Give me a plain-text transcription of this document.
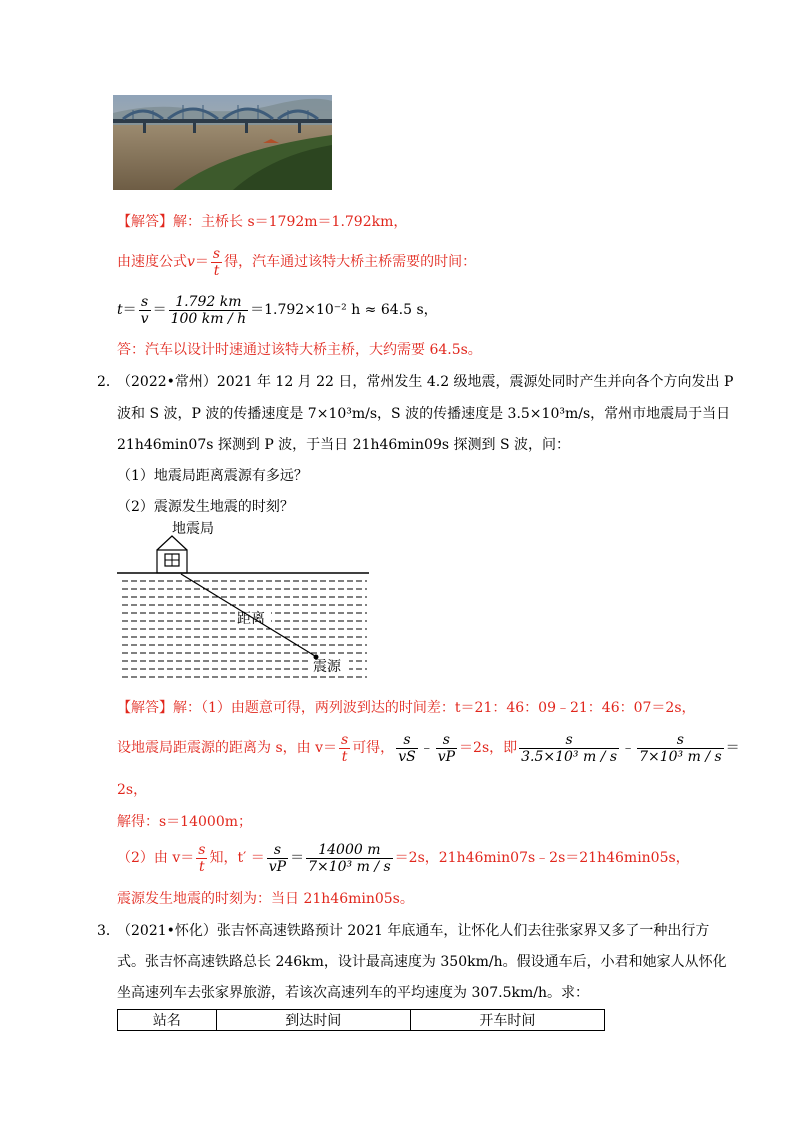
【解答】解：主桥长 s＝1792m＝1.792km，
由速度公式$v= \frac{s}{t}$ 得，汽车通过该特大桥主桥需要的时间：
$t= \frac{s}{v} = \frac{1.792 km}{100 km / h} =1.792\times 10^{-2}$ h ≈ 64.5 s，
答：汽车以设计时速通过该特大桥主桥，大约需要 64.5s。
2．
（2022•常州）2021 年 12 月 22 日，常州发生 4.2 级地震，震源处同时产生并向各个方向发出 P
波和 S 波，P 波的传播速度是 7×10³m/s，S 波的传播速度是 3.5×10³m/s，常州市地震局于当日
21h46min07s 探测到 P 波，于当日 21h46min09s 探测到 S 波，问：
（1）地震局距离震源有多远？
（2）震源发生地震的时刻？
地震局
距离
震源
【解答】解：（1）由题意可得，两列波到达的时间差：t＝21：46：09﹣21：46：07＝2s，
设地震局距震源的距离为 s，由 $v= \frac{s}{t}$ 可得， $\frac{s}{vS}$ ﹣ $\frac{s}{vP} =2s$，即 $\frac{s}{\text{3.5×10³ m / s}}$ ﹣ $\frac{s}{\text{7×10³ m / s}}$ ＝
2s，
解得：s＝14000m；
（2）由 $v= \frac{s}{t}$ 知，$t' = \frac{s}{vP} = \frac{14000 m}{\text{7×10³ m / s}} =2s$，21h46min07s﹣2s＝21h46min05s，
震源发生地震的时刻为：当日 21h46min05s。
3．
（2021•怀化）张吉怀高速铁路预计 2021 年底通车，让怀化人们去往张家界又多了一种出行方
式。张吉怀高速铁路总长 246km，设计最高速度为 350km/h。假设通车后，小君和她家人从怀化
坐高速列车去张家界旅游，若该次高速列车的平均速度为 307.5km/h。求：
站名	到达时间	开车时间
